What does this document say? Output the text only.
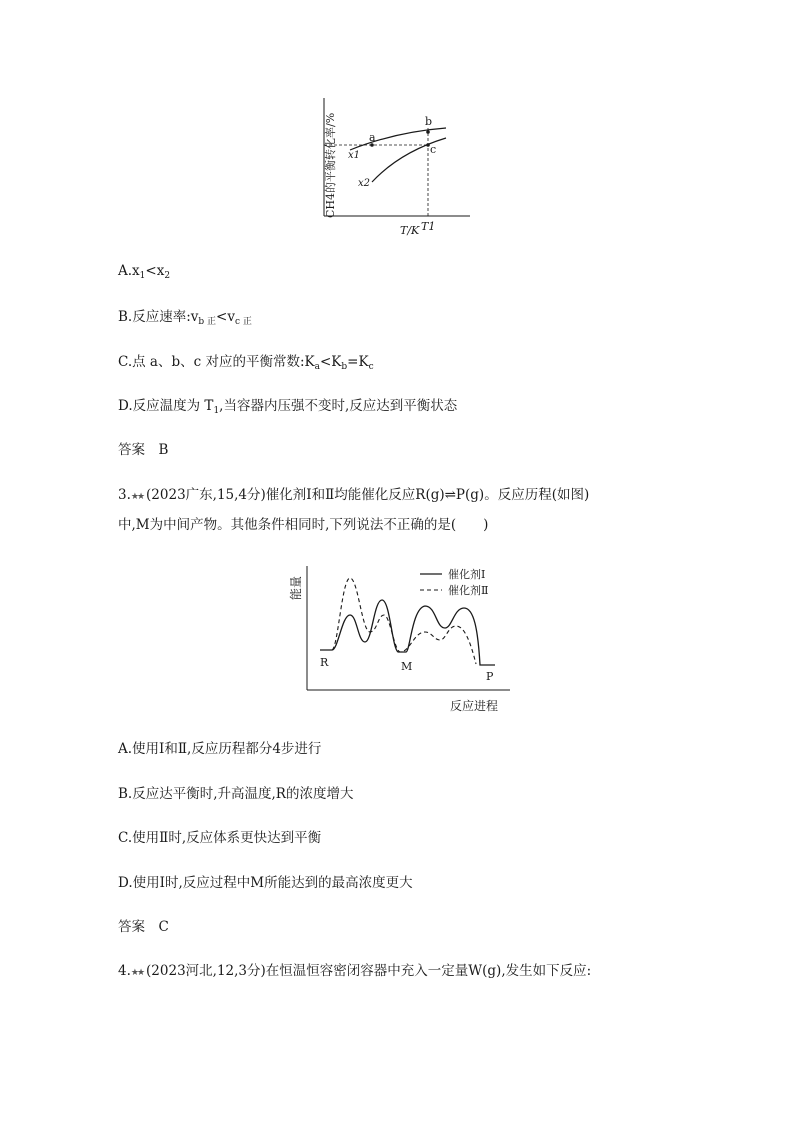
a
b
c
x1
x2
T/K T1
CH4的平衡转化率/%
$A.x_1<x_2$
B.反应速率$:v_{b 正}<v_{c 正}$
C.点 a、b、c 对应的平衡常数$:K_a<K_b=K_c$
D.反应温度为 $T_1$,当容器内压强不变时,反应达到平衡状态
答案　B
3.★★ (2023广东,15,4分)催化剂Ⅰ和Ⅱ均能催化反应R(g)⇌P(g)。反应历程(如图)
中,M为中间产物。其他条件相同时,下列说法不正确的是(　　)
催化剂Ⅰ
催化剂Ⅱ
R	M
P
反应进程
能量
A.使用Ⅰ和Ⅱ,反应历程都分4步进行
B.反应达平衡时,升高温度,R的浓度增大
C.使用Ⅱ时,反应体系更快达到平衡
D.使用Ⅰ时,反应过程中M所能达到的最高浓度更大
答案　C
4.★★ (2023河北,12,3分)在恒温恒容密闭容器中充入一定量W(g),发生如下反应:
